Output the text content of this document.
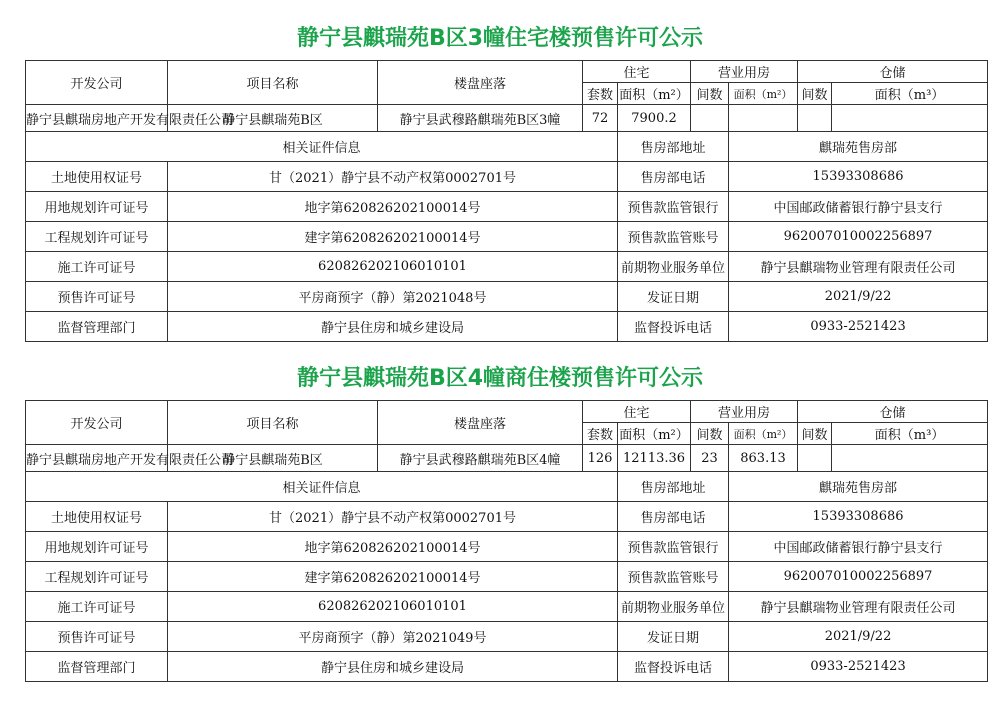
静宁县麒瑞苑B区3幢住宅楼预售许可公示
开发公司	项目名称	楼盘座落	住宅		营业用房		仓储	
			套数	面积（m²）	间数	面积（m²）	间数	面积（m³）
静宁县麒瑞房地产开发有限责任公司	静宁县麒瑞苑B区	静宁县武穆路麒瑞苑B区3幢	72	7900.2				
相关证件信息				售房部地址		麒瑞苑售房部		
土地使用权证号	甘（2021）静宁县不动产权第0002701号			售房部电话		15393308686		
用地规划许可证号	地字第620826202100014号			预售款监管银行		中国邮政储蓄银行静宁县支行		
工程规划许可证号	建字第620826202100014号			预售款监管账号		962007010002256897		
施工许可证号	620826202106010101			前期物业服务单位		静宁县麒瑞物业管理有限责任公司		
预售许可证号	平房商预字（静）第2021048号			发证日期		2021/9/22		
监督管理部门	静宁县住房和城乡建设局			监督投诉电话		0933-2521423		
静宁县麒瑞苑B区4幢商住楼预售许可公示
开发公司	项目名称	楼盘座落	住宅		营业用房		仓储	
			套数	面积（m²）	间数	面积（m²）	间数	面积（m³）
静宁县麒瑞房地产开发有限责任公司	静宁县麒瑞苑B区	静宁县武穆路麒瑞苑B区4幢	126	12113.36	23	863.13		
相关证件信息				售房部地址		麒瑞苑售房部		
土地使用权证号	甘（2021）静宁县不动产权第0002701号			售房部电话		15393308686		
用地规划许可证号	地字第620826202100014号			预售款监管银行		中国邮政储蓄银行静宁县支行		
工程规划许可证号	建字第620826202100014号			预售款监管账号		962007010002256897		
施工许可证号	620826202106010101			前期物业服务单位		静宁县麒瑞物业管理有限责任公司		
预售许可证号	平房商预字（静）第2021049号			发证日期		2021/9/22		
监督管理部门	静宁县住房和城乡建设局			监督投诉电话		0933-2521423		
